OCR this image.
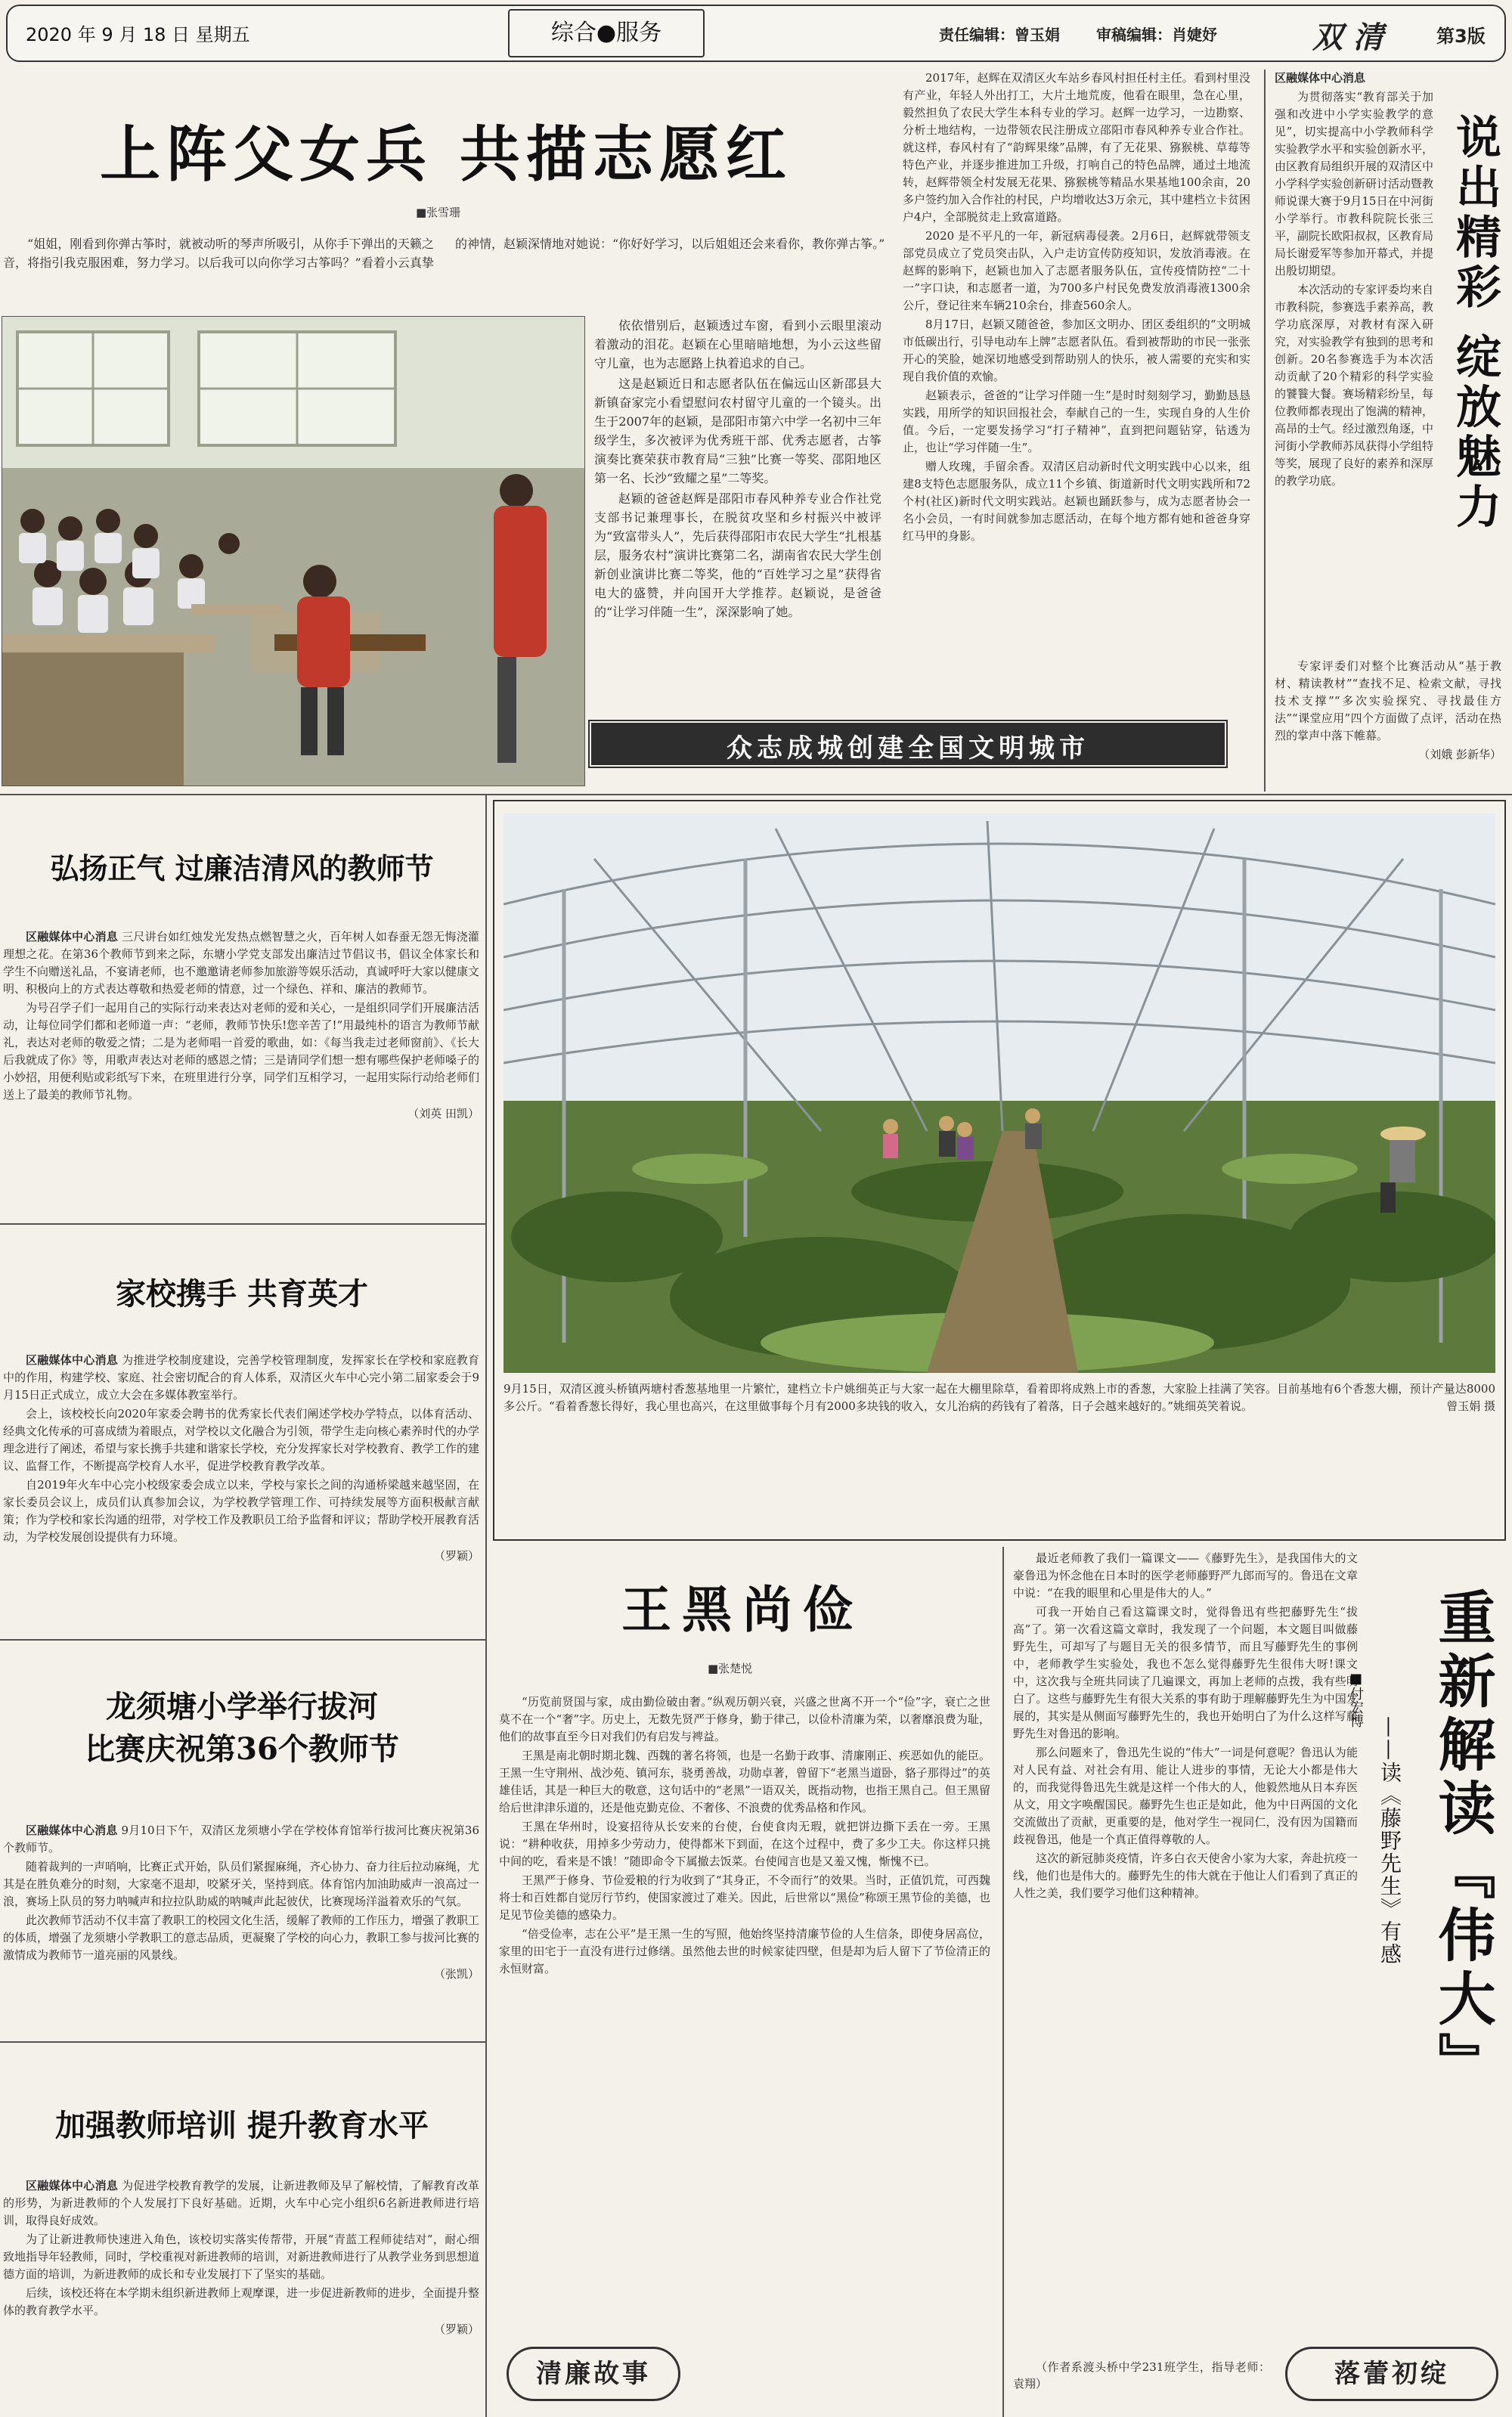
2020 年 9 月 18 日 星期五	综合●服务	责任编辑：曾玉娟 审稿编辑：肖婕妤	双 清	第3版
上阵父女兵 共描志愿红
■张雪珊

“姐姐，刚看到你弹古筝时，就被动听的琴声所吸引，从你手下弹出的天籁之音，将指引我克服困难，努力学习。以后我可以向你学习古筝吗？”看着小云真挚的神情，赵颖深情地对她说：“你好好学习，以后姐姐还会来看你，教你弹古筝。”

依依惜别后，赵颖透过车窗，看到小云眼里滚动着激动的泪花。赵颖在心里暗暗地想，为小云这些留守儿童，也为志愿路上执着追求的自己。

这是赵颖近日和志愿者队伍在偏远山区新邵县大新镇奋家完小看望慰问农村留守儿童的一个镜头。出生于2007年的赵颖，是邵阳市第六中学一名初中三年级学生，多次被评为优秀班干部、优秀志愿者，古筝演奏比赛荣获市教育局“三独”比赛一等奖、邵阳地区第一名、长沙“致耀之星”二等奖。

赵颖的爸爸赵辉是邵阳市春风种养专业合作社党支部书记兼理事长，在脱贫攻坚和乡村振兴中被评为“致富带头人”，先后获得邵阳市农民大学生“扎根基层，服务农村”演讲比赛第二名，湖南省农民大学生创新创业演讲比赛二等奖，他的“百姓学习之星”获得省电大的盛赞，并向国开大学推荐。赵颖说，是爸爸的“让学习伴随一生”，深深影响了她。

2017年，赵辉在双清区火车站乡春风村担任村主任。看到村里没有产业，年轻人外出打工，大片土地荒废，他看在眼里，急在心里，毅然担负了农民大学生本科专业的学习。赵辉一边学习，一边勘察、分析土地结构，一边带领农民注册成立邵阳市春风种养专业合作社。就这样，春风村有了“韵辉果缘”品牌，有了无花果、猕猴桃、草莓等特色产业，并逐步推进加工升级，打响自己的特色品牌，通过土地流转，赵辉带领全村发展无花果、猕猴桃等精品水果基地100余亩，20多户签约加入合作社的村民，户均增收达3万余元，其中建档立卡贫困户4户，全部脱贫走上致富道路。

2020 是不平凡的一年，新冠病毒侵袭。2月6日，赵辉就带领支部党员成立了党员突击队，入户走访宣传防疫知识，发放消毒液。在赵辉的影响下，赵颖也加入了志愿者服务队伍，宣传疫情防控“二十一”字口诀，和志愿者一道，为700多户村民免费发放消毒液1300余公斤，登记往来车辆210余台，排查560余人。

8月17日，赵颖又随爸爸，参加区文明办、团区委组织的“文明城市低碳出行，引导电动车上牌”志愿者队伍。看到被帮助的市民一张张开心的笑脸，她深切地感受到帮助别人的快乐，被人需要的充实和实现自我价值的欢愉。

赵颖表示，爸爸的“让学习伴随一生”是时时刻刻学习，勤勤恳恳实践，用所学的知识回报社会，奉献自己的一生，实现自身的人生价值。今后，一定要发扬学习“打子精神”，直到把问题钻穿，钻透为止，也让“学习伴随一生”。

赠人玫瑰，手留余香。双清区启动新时代文明实践中心以来，组建8支特色志愿服务队，成立11个乡镇、街道新时代文明实践所和72个村(社区)新时代文明实践站。赵颖也踊跃参与，成为志愿者协会一名小会员，一有时间就参加志愿活动，在每个地方都有她和爸爸身穿红马甲的身影。

众志成城创建全国文明城市

区融媒体中心消息

为贯彻落实“教育部关于加强和改进中小学实验教学的意见”，切实提高中小学教师科学实验教学水平和实验创新水平，由区教育局组织开展的双清区中小学科学实验创新研讨活动暨教师说课大赛于9月15日在中河街小学举行。市教科院院长张三平，副院长欧阳叔叔，区教育局局长谢爱军等参加开幕式，并提出殷切期望。

本次活动的专家评委均来自市教科院，参赛选手素养高，教学功底深厚，对教材有深入研究，对实验教学有独到的思考和创新。20名参赛选手为本次活动贡献了20个精彩的科学实验的饕餮大餐。赛场精彩纷呈，每位教师都表现出了饱满的精神，高昂的士气。经过激烈角逐，中河街小学教师苏凤获得小学组特等奖，展现了良好的素养和深厚的教学功底。	说出精彩 绽放魅力

专家评委们对整个比赛活动从“基于教材、精读教材”“查找不足、检索文献，寻找技术支撑”“多次实验探究、寻找最佳方法”“课堂应用”四个方面做了点评，活动在热烈的掌声中落下帷幕。

（刘娥 彭新华）
弘扬正气 过廉洁清风的教师节

区融媒体中心消息 三尺讲台如红烛发光发热点燃智慧之火，百年树人如春蚕无怨无悔浇灌理想之花。在第36个教师节到来之际，东塘小学党支部发出廉洁过节倡议书，倡议全体家长和学生不向赠送礼品，不宴请老师，也不邀邀请老师参加旅游等娱乐活动，真诚呼吁大家以健康文明、积极向上的方式表达尊敬和热爱老师的情意，过一个绿色、祥和、廉洁的教师节。

为号召学子们一起用自己的实际行动来表达对老师的爱和关心，一是组织同学们开展廉洁活动，让每位同学们都和老师道一声：“老师，教师节快乐!您辛苦了!”用最纯朴的语言为教师节献礼，表达对老师的敬爱之情；二是为老师唱一首爱的歌曲，如：《每当我走过老师窗前》、《长大后我就成了你》等，用歌声表达对老师的感恩之情；三是请同学们想一想有哪些保护老师嗓子的小妙招，用便利贴或彩纸写下来，在班里进行分享，同学们互相学习，一起用实际行动给老师们送上了最美的教师节礼物。

（刘英 田凯）
家校携手 共育英才

区融媒体中心消息 为推进学校制度建设，完善学校管理制度，发挥家长在学校和家庭教育中的作用，构建学校、家庭、社会密切配合的育人体系，双清区火车中心完小第二届家委会于9月15日正式成立，成立大会在多媒体教室举行。

会上，该校校长向2020年家委会聘书的优秀家长代表们阐述学校办学特点，以体育活动、经典文化传承的可喜成绩为着眼点，对学校以文化融合为引领，带学生走向核心素养时代的办学理念进行了阐述，希望与家长携手共建和谐家长学校，充分发挥家长对学校教育、教学工作的建议、监督工作，不断提高学校育人水平，促进学校教育教学改革。

自2019年火车中心完小校级家委会成立以来，学校与家长之间的沟通桥梁越来越坚固，在家长委员会议上，成员们认真参加会议，为学校教学管理工作、可持续发展等方面积极献言献策；作为学校和家长沟通的纽带，对学校工作及教职员工给予监督和评议；帮助学校开展教育活动，为学校发展创设提供有力环境。

（罗颖）
龙须塘小学举行拔河
比赛庆祝第36个教师节

区融媒体中心消息 9月10日下午，双清区龙须塘小学在学校体育馆举行拔河比赛庆祝第36个教师节。

随着裁判的一声哨响，比赛正式开始，队员们紧握麻绳，齐心协力、奋力往后拉动麻绳，尤其是在胜负难分的时刻，大家毫不退却，咬紧牙关，坚持到底。体育馆内加油助威声一浪高过一浪，赛场上队员的努力呐喊声和拉拉队助威的呐喊声此起彼伏，比赛现场洋溢着欢乐的气氛。

此次教师节活动不仅丰富了教职工的校园文化生活，缓解了教师的工作压力，增强了教职工的体质，增强了龙须塘小学教职工的意志品质，更凝聚了学校的向心力，教职工参与拔河比赛的激情成为教师节一道亮丽的风景线。

（张凯）
加强教师培训 提升教育水平

区融媒体中心消息 为促进学校教育教学的发展，让新进教师及早了解校情，了解教育改革的形势，为新进教师的个人发展打下良好基础。近期，火车中心完小组织6名新进教师进行培训，取得良好成效。

为了让新进教师快速进入角色，该校切实落实传帮带，开展“青蓝工程师徒结对”，耐心细致地指导年轻教师，同时，学校重视对新进教师的培训，对新进教师进行了从教学业务到思想道德方面的培训，为新进教师的成长和专业发展打下了坚实的基础。

后续，该校还将在本学期未组织新进教师上观摩课，进一步促进新教师的进步，全面提升整体的教育教学水平。

（罗颖）
9月15日，双清区渡头桥镇两塘村香葱基地里一片繁忙，建档立卡户姚细英正与大家一起在大棚里除草，看着即将成熟上市的香葱，大家脸上挂满了笑容。目前基地有6个香葱大棚，预计产量达8000多公斤。“看着香葱长得好，我心里也高兴，在这里做事每个月有2000多块钱的收入，女儿治病的药钱有了着落，日子会越来越好的。”姚细英笑着说。	曾玉娟 摄
王黑尚俭
■张楚悦

“历览前贤国与家，成由勤俭破由奢。”纵观历朝兴衰，兴盛之世离不开一个“俭”字，衰亡之世莫不在一个“奢”字。历史上，无数先贤严于修身，勤于律己，以俭朴清廉为荣，以奢靡浪费为耻，他们的故事直至今日对我们仍有启发与裨益。

王黑是南北朝时期北魏、西魏的著名将领，也是一名勤于政事、清廉刚正、疾恶如仇的能臣。王黑一生守荆州、战沙苑、镇河东，骁勇善战，功勋卓著，曾留下“老黑当道卧，貉子那得过”的英雄佳话，其是一种巨大的敬意，这句话中的“老黑”一语双关，既指动物，也指王黑自己。但王黑留给后世津津乐道的，还是他克勤克俭、不奢侈、不浪费的优秀品格和作风。

王黑在华州时，设宴招待从长安来的台使，台使食肉无瑕，就把饼边撕下丢在一旁。王黑说：“耕种收获，用掉多少劳动力，使得都米下到面，在这个过程中，费了多少工夫。你这样只挑中间的吃，看来是不饿！”随即命令下属撤去饭菜。台使闻言也是又羞又愧，惭愧不已。

王黑严于修身、节俭爱粮的行为收到了“其身正，不令而行”的效果。当时，正值饥荒，可西魏将士和百姓都自觉厉行节约，使国家渡过了难关。因此，后世常以“黑俭”称颂王黑节俭的美德，也足见节俭美德的感染力。

“倍受俭率，志在公平”是王黑一生的写照，他始终坚持清廉节俭的人生信条，即使身居高位，家里的田宅于一直没有进行过修缮。虽然他去世的时候家徒四壁，但是却为后人留下了节俭清正的永恒财富。

清廉故事

最近老师教了我们一篇课文——《藤野先生》，是我国伟大的文豪鲁迅为怀念他在日本时的医学老师藤野严九郎而写的。鲁迅在文章中说：“在我的眼里和心里是伟大的人。”

可我一开始自己看这篇课文时，觉得鲁迅有些把藤野先生“拔高”了。第一次看这篇文章时，我发现了一个问题，本文题目叫做藤野先生，可却写了与题目无关的很多情节，而且写藤野先生的事例中，老师教学生实验处，我也不怎么觉得藤野先生很伟大呀!课文中，这次我与全班共同读了几遍课文，再加上老师的点拨，我有些明白了。这些与藤野先生有很大关系的事有助于理解藤野先生为中国发展的，其实是从侧面写藤野先生的，我也开始明白了为什么这样写藤野先生对鲁迅的影响。

那么问题来了，鲁迅先生说的“伟大”一词是何意呢？鲁迅认为能对人民有益、对社会有用、能让人进步的事情，无论大小都是伟大的，而我觉得鲁迅先生就是这样一个伟大的人，他毅然地从日本弃医从文，用文字唤醒国民。藤野先生也正是如此，他为中日两国的文化交流做出了贡献，更重要的是，他对学生一视同仁，没有因为国籍而歧视鲁迅，他是一个真正值得尊敬的人。

这次的新冠肺炎疫情，许多白衣天使舍小家为大家，奔赴抗疫一线，他们也是伟大的。藤野先生的伟大就在于他让人们看到了真正的人性之美，我们要学习他们这种精神。	重新解读『伟大』
——读《藤野先生》有感
■付宏博
（作者系渡头桥中学231班学生，指导老师：袁翔）	落蕾初绽
